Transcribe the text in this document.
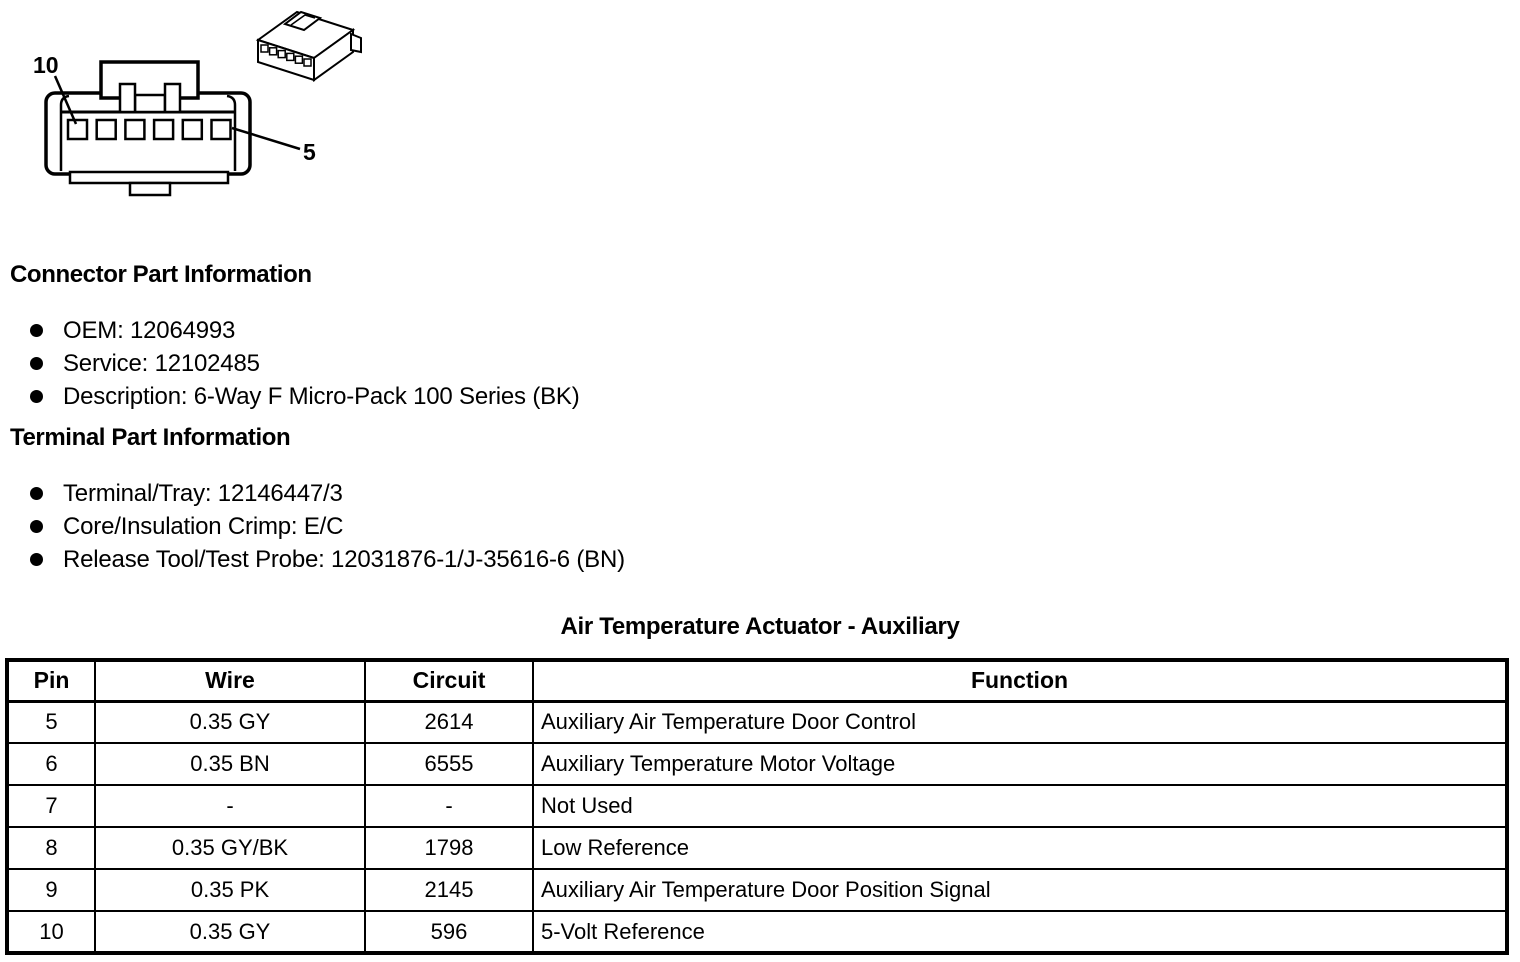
10
5
Connector Part Information
OEM: 12064993
Service: 12102485
Description: 6-Way F Micro-Pack 100 Series (BK)
Terminal Part Information
Terminal/Tray: 12146447/3
Core/Insulation Crimp: E/C
Release Tool/Test Probe: 12031876-1/J-35616-6 (BN)
Air Temperature Actuator - Auxiliary
Pin	Wire	Circuit	Function
5	0.35 GY	2614	Auxiliary Air Temperature Door Control
6	0.35 BN	6555	Auxiliary Temperature Motor Voltage
7	-	-	Not Used
8	0.35 GY/BK	1798	Low Reference
9	0.35 PK	2145	Auxiliary Air Temperature Door Position Signal
10	0.35 GY	596	5-Volt Reference
